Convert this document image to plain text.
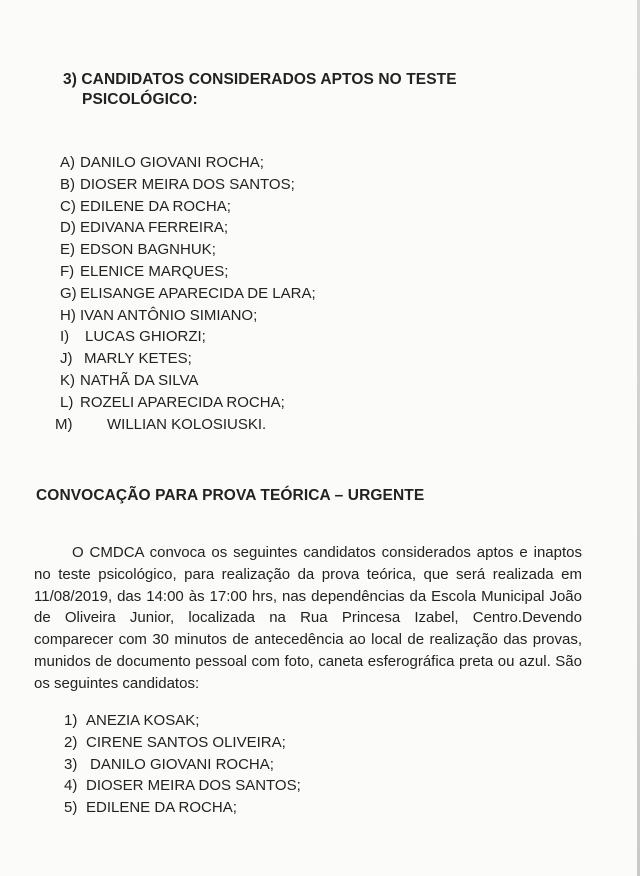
3) CANDIDATOS CONSIDERADOS APTOS NO TESTE
PSICOLÓGICO:
A) DANILO GIOVANI ROCHA;
B) DIOSER MEIRA DOS SANTOS;
C) EDILENE DA ROCHA;
D) EDIVANA FERREIRA;
E) EDSON BAGNHUK;
F) ELENICE MARQUES;
G) ELISANGE APARECIDA DE LARA;
H) IVAN ANTÔNIO SIMIANO;
I) LUCAS GHIORZI;
J) MARLY KETES;
K) NATHÃ DA SILVA
L) ROZELI APARECIDA ROCHA;
M) WILLIAN KOLOSIUSKI.
CONVOCAÇÃO PARA PROVA TEÓRICA – URGENTE

O CMDCA convoca os seguintes candidatos considerados aptos e inaptos no teste psicológico, para realização da prova teórica, que será realizada em 11/08/2019, das 14:00 às 17:00 hrs, nas dependências da Escola Municipal João de Oliveira Junior, localizada na Rua Princesa Izabel, Centro.Devendo comparecer com 30 minutos de antecedência ao local de realização das provas, munidos de documento pessoal com foto, caneta esferográfica preta ou azul. São os seguintes candidatos:

1) ANEZIA KOSAK;
2) CIRENE SANTOS OLIVEIRA;
3) DANILO GIOVANI ROCHA;
4) DIOSER MEIRA DOS SANTOS;
5) EDILENE DA ROCHA;
